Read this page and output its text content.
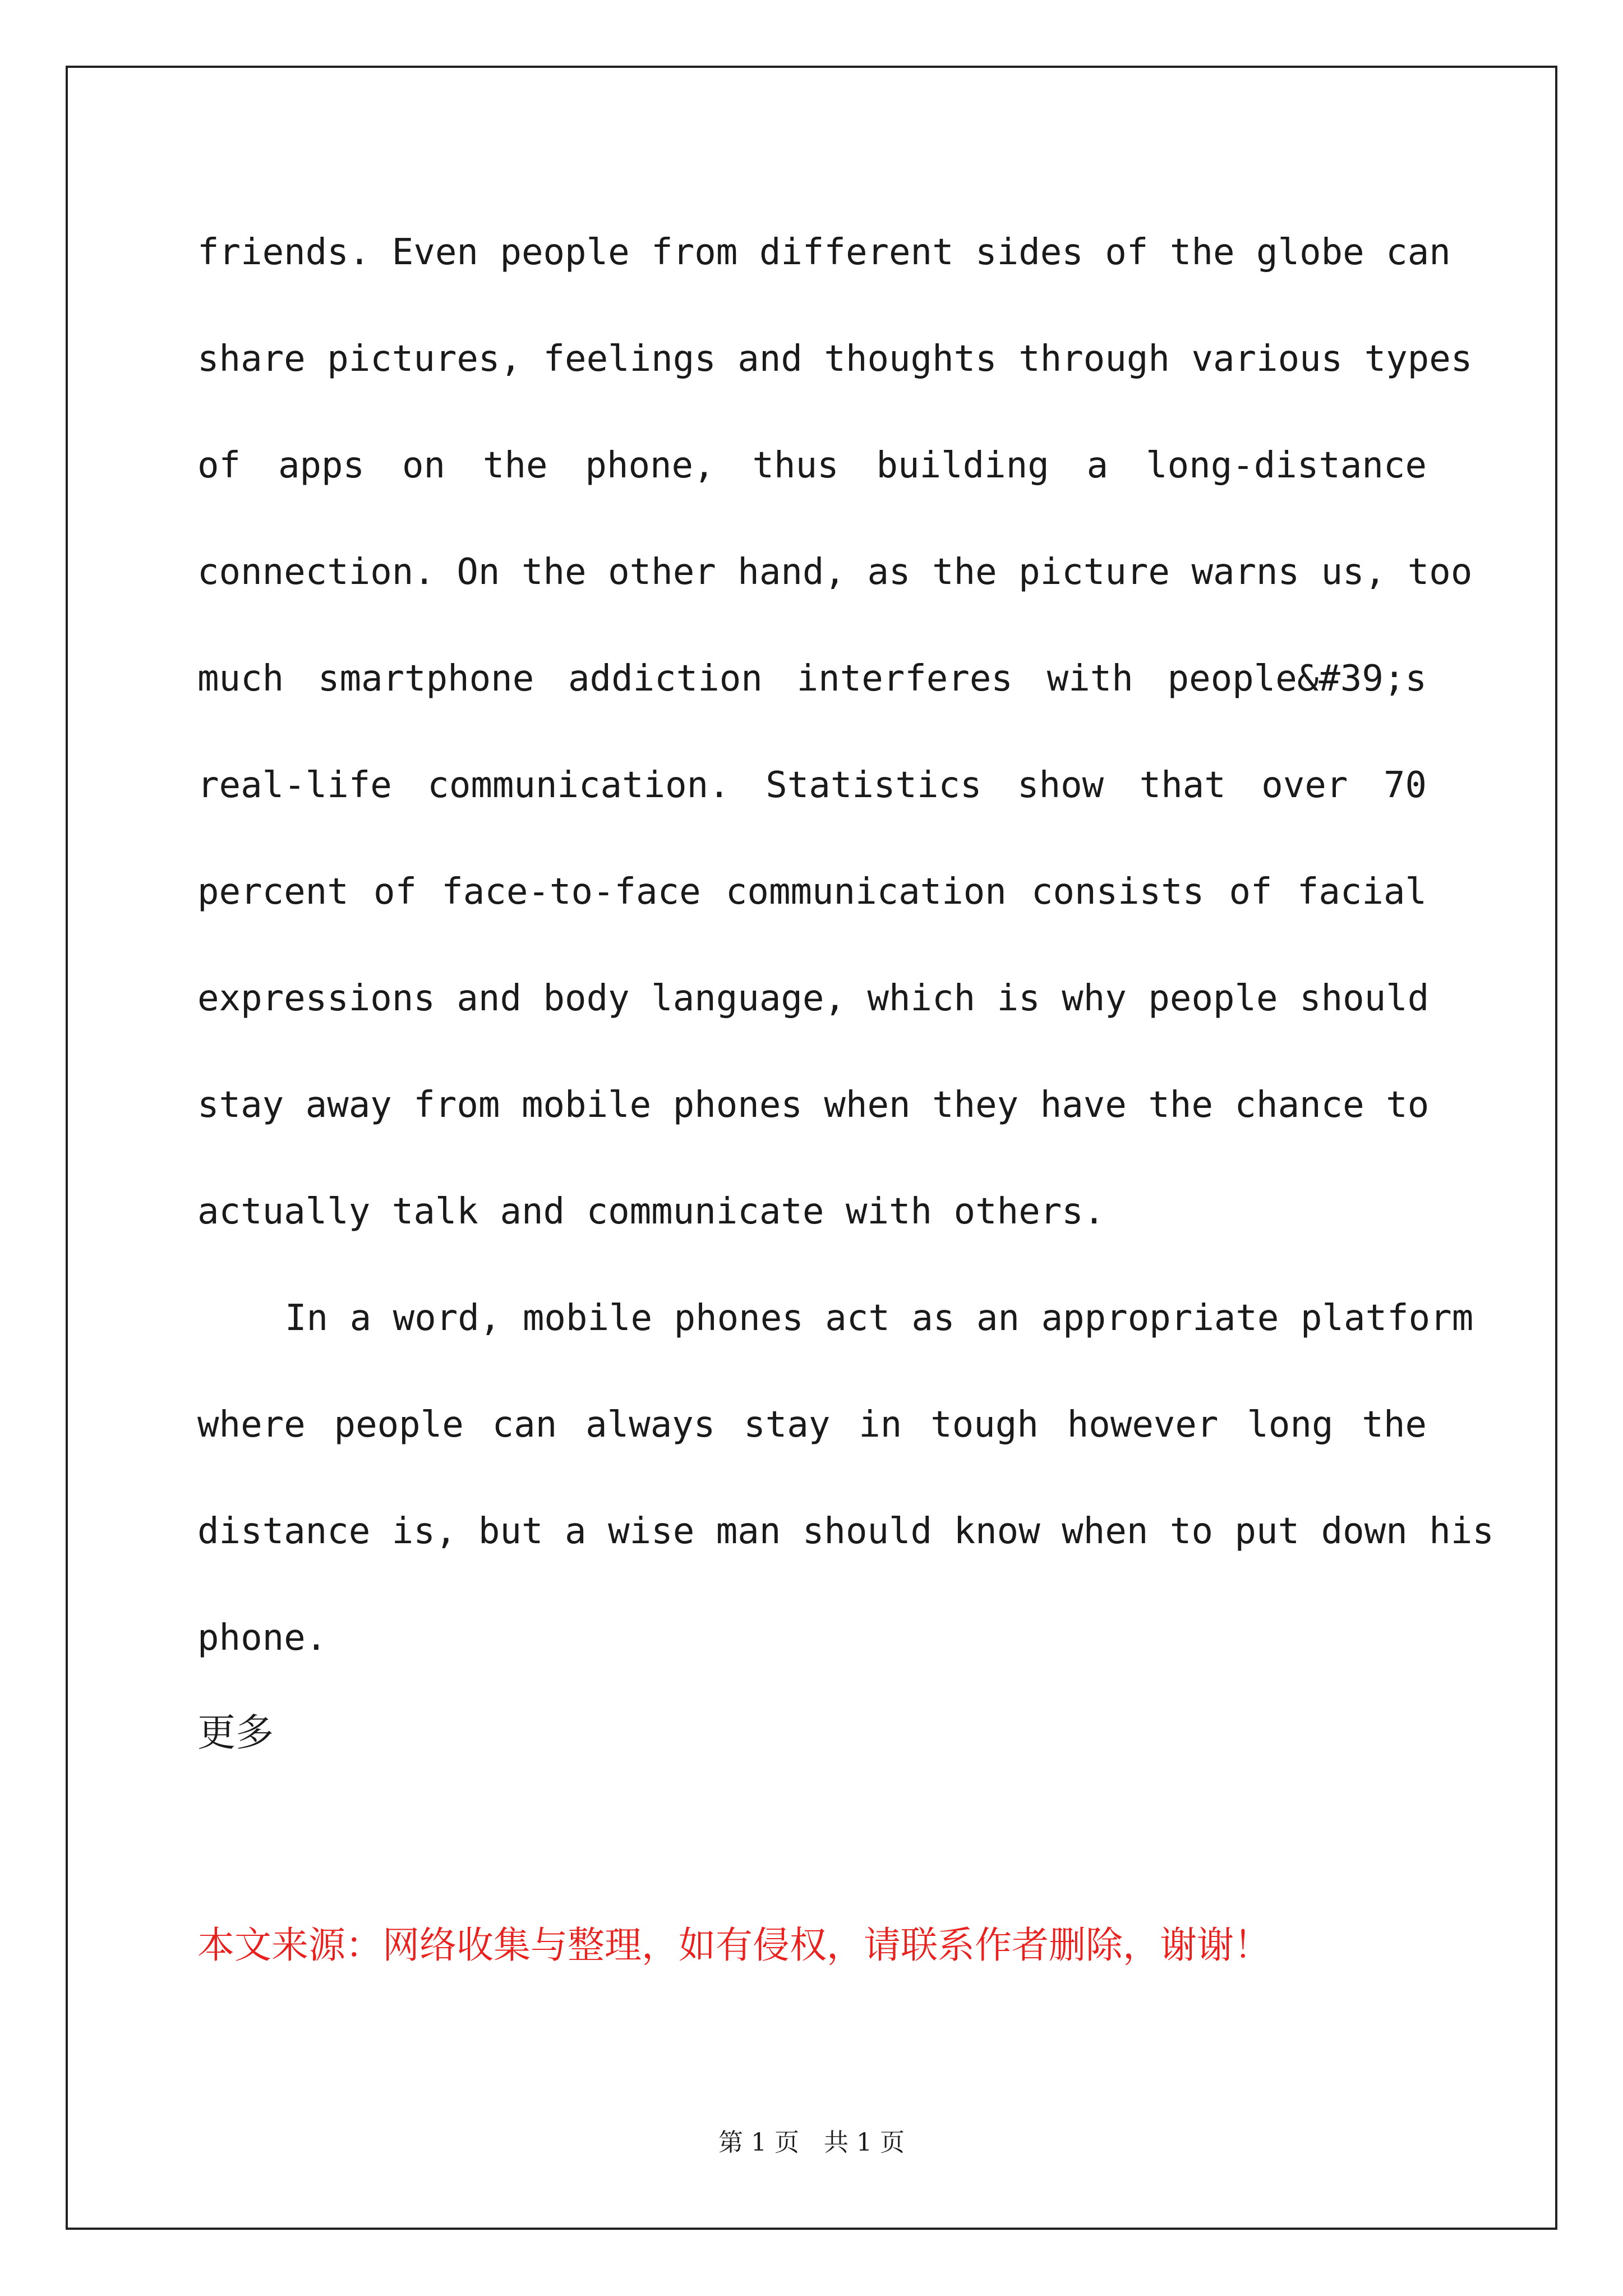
friends. Even people from different sides of the globe can
share pictures, feelings and thoughts through various types
of apps on the phone, thus building a long-distance
connection. On the other hand, as the picture warns us, too
much smartphone addiction interferes with people&#39;s
real-life communication. Statistics show that over 70
percent of face-to-face communication consists of facial
expressions and body language, which is why people should
stay away from mobile phones when they have the chance to
actually talk and communicate with others.
In a word, mobile phones act as an appropriate platform
where people can always stay in tough however long the
distance is, but a wise man should know when to put down his
phone.
更多
本文来源：网络收集与整理，如有侵权，请联系作者删除，谢谢！
第 1 页　共 1 页
